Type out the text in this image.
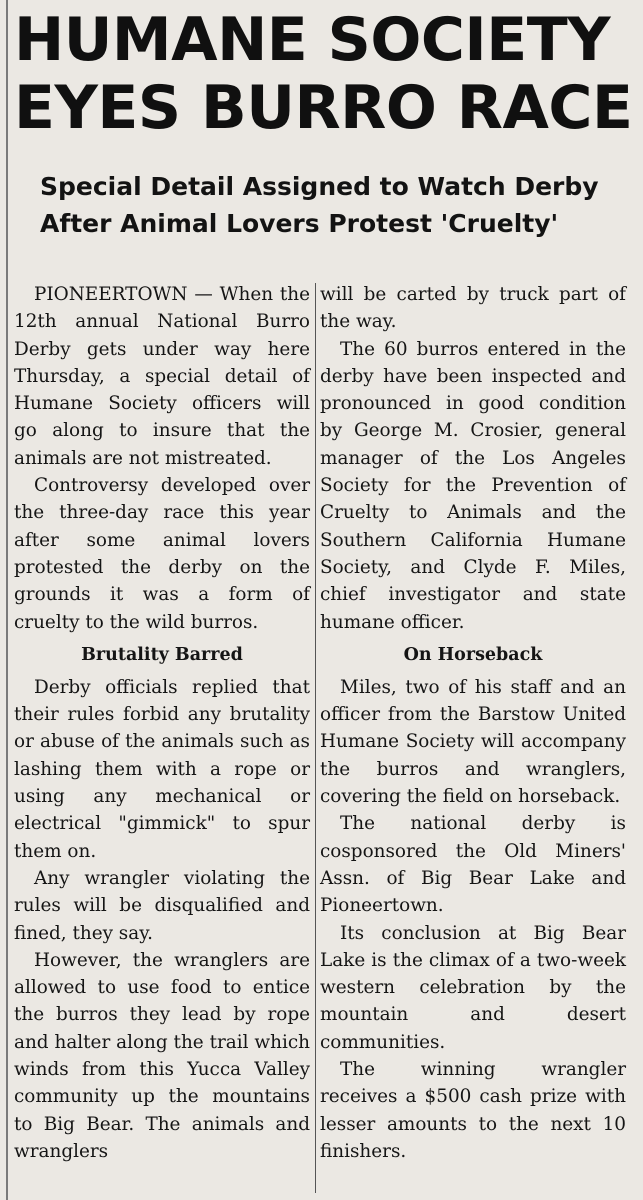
HUMANE SOCIETY EYES BURRO RACE
Special Detail Assigned to Watch Derby After Animal Lovers Protest 'Cruelty'

PIONEERTOWN — When the 12th annual National Burro Derby gets under way here Thursday, a special detail of Humane Society officers will go along to insure that the animals are not mistreated.

Controversy developed over the three-day race this year after some animal lovers protested the derby on the grounds it was a form of cruelty to the wild burros.

Brutality Barred

Derby officials replied that their rules forbid any brutality or abuse of the animals such as lashing them with a rope or using any mechanical or electrical "gimmick" to spur them on.

Any wrangler violating the rules will be disqualified and fined, they say.

However, the wranglers are allowed to use food to entice the burros they lead by rope and halter along the trail which winds from this Yucca Valley community up the mountains to Big Bear. The animals and wranglers

will be carted by truck part of the way.

The 60 burros entered in the derby have been inspected and pronounced in good condition by George M. Crosier, general manager of the Los Angeles Society for the Prevention of Cruelty to Animals and the Southern California Humane Society, and Clyde F. Miles, chief investigator and state humane officer.

On Horseback

Miles, two of his staff and an officer from the Barstow United Humane Society will accompany the burros and wranglers, covering the field on horseback.

The national derby is cosponsored the Old Miners' Assn. of Big Bear Lake and Pioneertown.

Its conclusion at Big Bear Lake is the climax of a two-week western celebration by the mountain and desert communities.

The winning wrangler receives a $500 cash prize with lesser amounts to the next 10 finishers.
